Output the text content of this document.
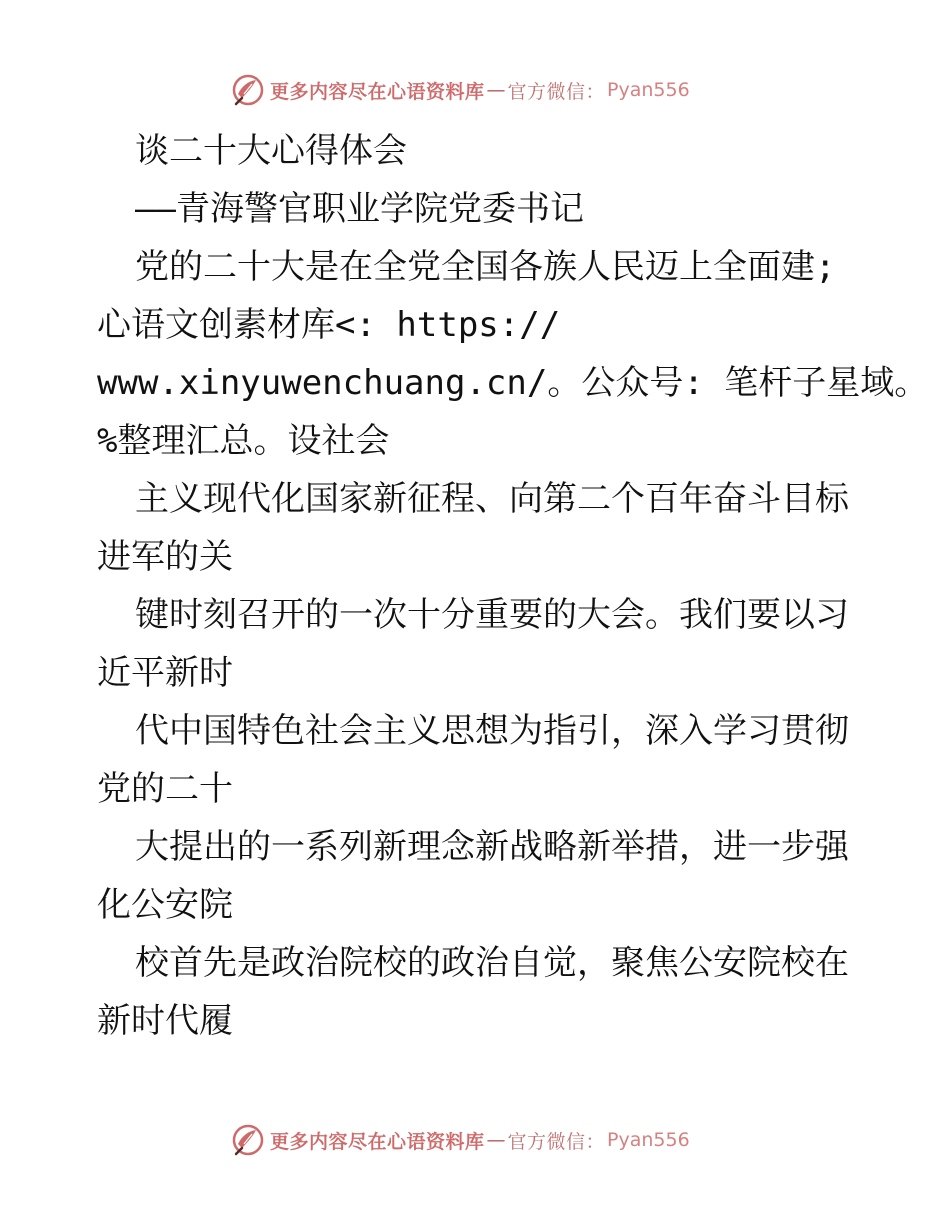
更多内容尽在心语资料库 — 官方微信： Pyan556
谈二十大心得体会
——青海警官职业学院党委书记
党的二十大是在全党全国各族人民迈上全面建;
心语文创素材库<: https://
www.xinyuwenchuang.cn/。公众号: 笔杆子星域。
%整理汇总。设社会
主义现代化国家新征程、向第二个百年奋斗目标
进军的关
键时刻召开的一次十分重要的大会。我们要以习
近平新时
代中国特色社会主义思想为指引，深入学习贯彻
党的二十
大提出的一系列新理念新战略新举措，进一步强
化公安院
校首先是政治院校的政治自觉，聚焦公安院校在
新时代履
更多内容尽在心语资料库 — 官方微信： Pyan556
